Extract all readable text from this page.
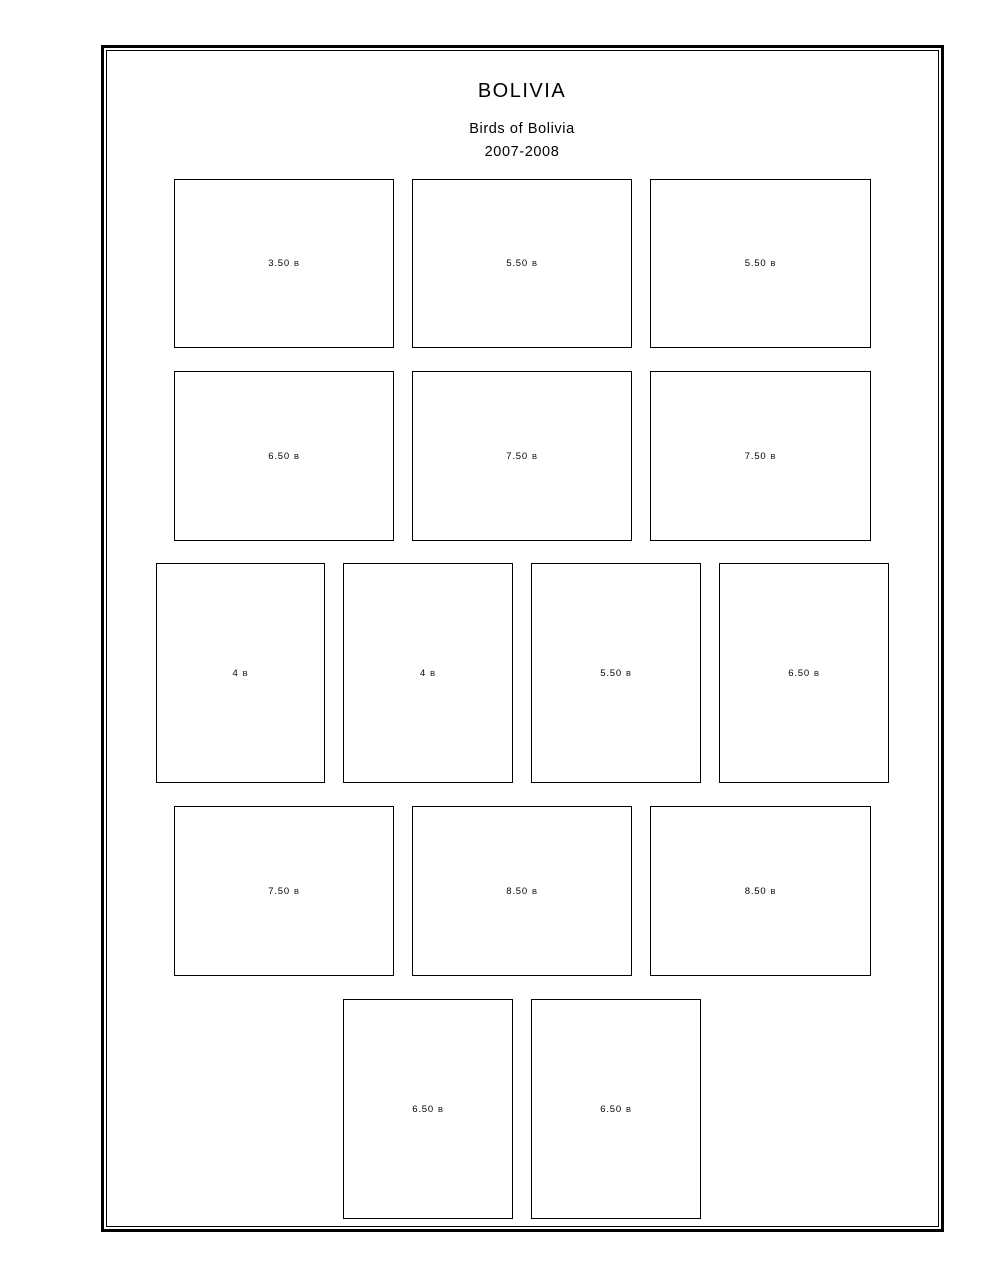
BOLIVIA
Birds of Bolivia
2007-2008
3.50 B	5.50 B	5.50 B
6.50 B	7.50 B	7.50 B
4 B	4 B	5.50 B	6.50 B
7.50 B	8.50 B	8.50 B
6.50 B	6.50 B
